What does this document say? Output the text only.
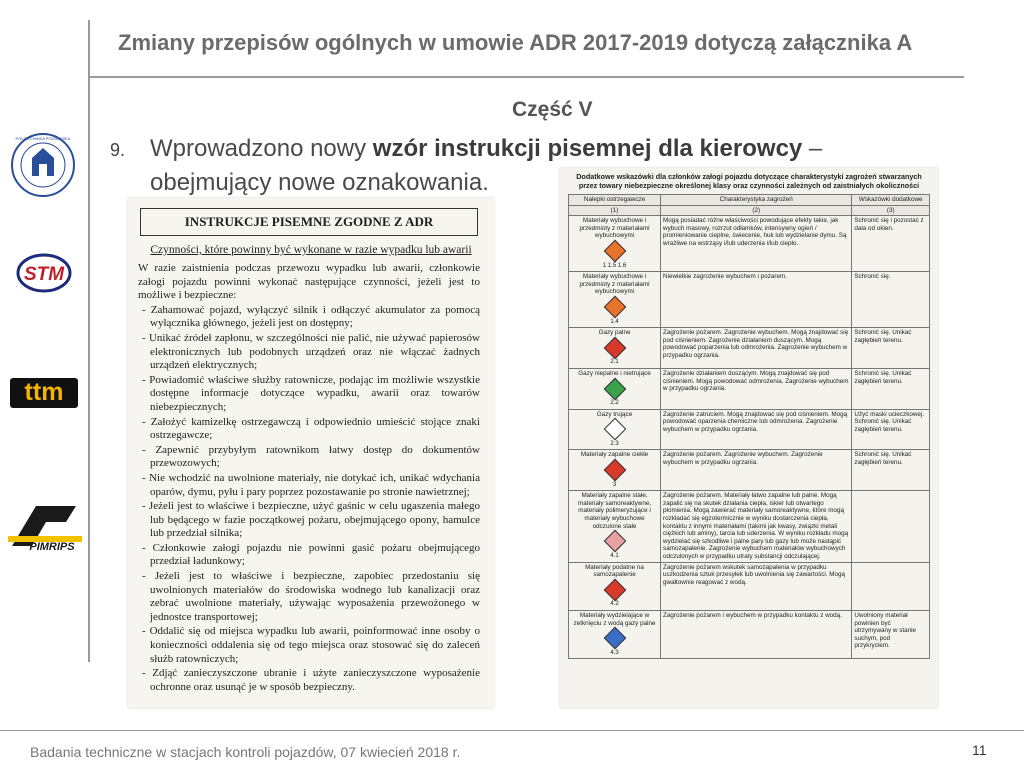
Zmiany przepisów ogólnych w umowie ADR 2017-2019 dotyczą załącznika A
POLITECHNIKA POZNAŃSKA
STM
ttm
PIMRIPS
Część V
9. Wprowadzono nowy wzór instrukcji pisemnej dla kierowcy – obejmujący nowe oznakowania.
INSTRUKCJE PISEMNE ZGODNE Z ADR
Czynności, które powinny być wykonane w razie wypadku lub awarii

W razie zaistnienia podczas przewozu wypadku lub awarii, członkowie załogi pojazdu powinni wykonać następujące czynności, jeżeli jest to możliwe i bezpieczne:

- Zahamować pojazd, wyłączyć silnik i odłączyć akumulator za pomocą wyłącznika głównego, jeżeli jest on dostępny;

- Unikać źródeł zapłonu, w szczególności nie palić, nie używać papierosów elektronicznych lub podobnych urządzeń oraz nie włączać żadnych urządzeń elektrycznych;

- Powiadomić właściwe służby ratownicze, podając im możliwie wszystkie dostępne informacje dotyczące wypadku, awarii oraz towarów niebezpiecznych;

- Założyć kamizelkę ostrzegawczą i odpowiednio umieścić stojące znaki ostrzegawcze;

- Zapewnić przybyłym ratownikom łatwy dostęp do dokumentów przewozowych;

- Nie wchodzić na uwolnione materiały, nie dotykać ich, unikać wdychania oparów, dymu, pyłu i pary poprzez pozostawanie po stronie nawietrznej;

- Jeżeli jest to właściwe i bezpieczne, użyć gaśnic w celu ugaszenia małego lub będącego w fazie początkowej pożaru, obejmującego opony, hamulce lub przedział silnika;

- Członkowie załogi pojazdu nie powinni gasić pożaru obejmującego przedział ładunkowy;

- Jeżeli jest to właściwe i bezpieczne, zapobiec przedostaniu się uwolnionych materiałów do środowiska wodnego lub kanalizacji oraz zebrać uwolnione materiały, używając wyposażenia przewożonego w jednostce transportowej;

- Oddalić się od miejsca wypadku lub awarii, poinformować inne osoby o konieczności oddalenia się od tego miejsca oraz stosować się do zaleceń służb ratowniczych;

- Zdjąć zanieczyszczone ubranie i użyte zanieczyszczone wyposażenie ochronne oraz usunąć je w sposób bezpieczny.

Dodatkowe wskazówki dla członków załogi pojazdu dotyczące charakterystyki zagrożeń stwarzanych przez towary niebezpieczne określonej klasy oraz czynności zależnych od zaistniałych okoliczności
Nalepki ostrzegawcze	Charakterystyka zagrożeń	Wskazówki dodatkowe
(1)	(2)	(3)

Materiały wybuchowe i przedmioty z materiałami wybuchowymi
1 1.5 1.6	Mogą posiadać różne właściwości powodujące efekty takie, jak wybuch masowy, rozrzut odłamków, intensywny ogień / promieniowanie cieplne, świecenie, huk lub wydzielanie dymu. Są wrażliwe na wstrząsy i/lub uderzenia i/lub ciepło.	Schronić się i pozostać z dala od okien.

Materiały wybuchowe i przedmioty z materiałami wybuchowymi
1.4	Niewielkie zagrożenie wybuchem i pożarem.	Schronić się.

Gazy palne
2.1	Zagrożenie pożarem. Zagrożenie wybuchem. Mogą znajdować się pod ciśnieniem. Zagrożenie działaniem duszącym. Mogą powodować poparzenia lub odmrożenia. Zagrożenie wybuchem w przypadku ogrzania.	Schronić się. Unikać zagłębień terenu.

Gazy niepalne i nietrujące
2.2	Zagrożenie działaniem duszącym. Mogą znajdować się pod ciśnieniem. Mogą powodować odmrożenia. Zagrożenie wybuchem w przypadku ogrzania.	Schronić się. Unikać zagłębień terenu.

Gazy trujące
2.3	Zagrożenie zatruciem. Mogą znajdować się pod ciśnieniem. Mogą powodować oparzenia chemiczne lub odmrożenia. Zagrożenie wybuchem w przypadku ogrzania.	Użyć maski ucieczkowej. Schronić się. Unikać zagłębień terenu.

Materiały zapalne ciekłe
3	Zagrożenie pożarem. Zagrożenie wybuchem. Zagrożenie wybuchem w przypadku ogrzania.	Schronić się. Unikać zagłębień terenu.

Materiały zapalne stałe, materiały samoreaktywne, materiały polimeryzujące i materiały wybuchowe odczulone stałe
4.1	Zagrożenie pożarem. Materiały łatwo zapalne lub palne. Mogą zapalić się na skutek działania ciepła, iskier lub otwartego płomienia. Mogą zawierać materiały samoreaktywne, które mogą rozkładać się egzotermicznie w wyniku dostarczenia ciepła, kontaktu z innymi materiałami (takimi jak kwasy, związki metali ciężkich lub aminy), tarcia lub uderzenia. W wyniku rozkładu mogą wydzielać się szkodliwe i palne pary lub gazy lub może nastąpić samozapalenie. Zagrożenie wybuchem materiałów wybuchowych odczulonych w przypadku utraty substancji odczulającej.	

Materiały podatne na samozapalenie
4.2	Zagrożenie pożarem wskutek samozapalenia w przypadku uszkodzenia sztuk przesyłek lub uwolnienia się zawartości. Mogą gwałtownie reagować z wodą.	

Materiały wydzielające w zetknięciu z wodą gazy palne
4.3	Zagrożenie pożarem i wybuchem w przypadku kontaktu z wodą.	Uwolniony materiał powinien być utrzymywany w stanie suchym, pod przykryciem.
Badania techniczne w stacjach kontroli pojazdów, 07 kwiecień 2018 r.	11
